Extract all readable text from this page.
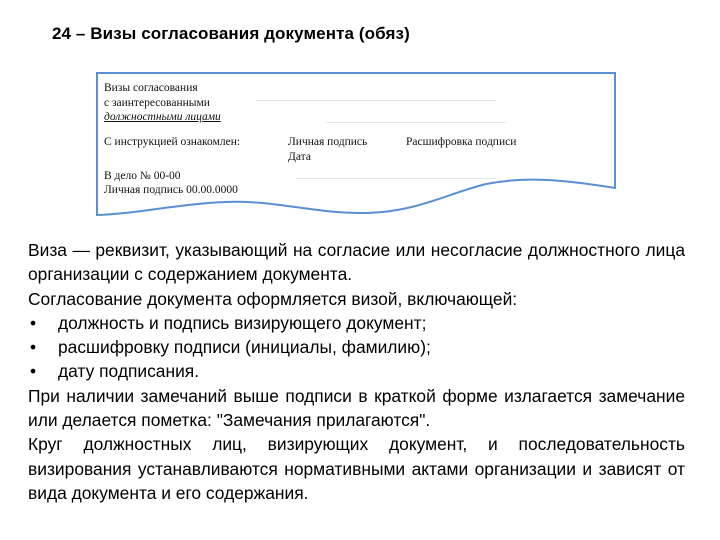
24 – Визы согласования документа (обяз)
Визы согласования
с заинтересованными
должностными лицами
С инструкцией ознакомлен:	Личная подпись	Расшифровка подписи
Дата
В дело № 00-00
Личная подпись 00.00.0000

Виза — реквизит, указывающий на согласие или несогласие должностного лица организации с содержанием документа.

Согласование документа оформляется визой, включающей:

•	должность и подпись визирующего документ;
•	расшифровку подписи (инициалы, фамилию);
•	дату подписания.

При наличии замечаний выше подписи в краткой форме излагается замечание или делается пометка: "Замечания прилагаются".

Круг должностных лиц, визирующих документ, и последовательность визирования устанавливаются нормативными актами организации и зависят от вида документа и его содержания.
